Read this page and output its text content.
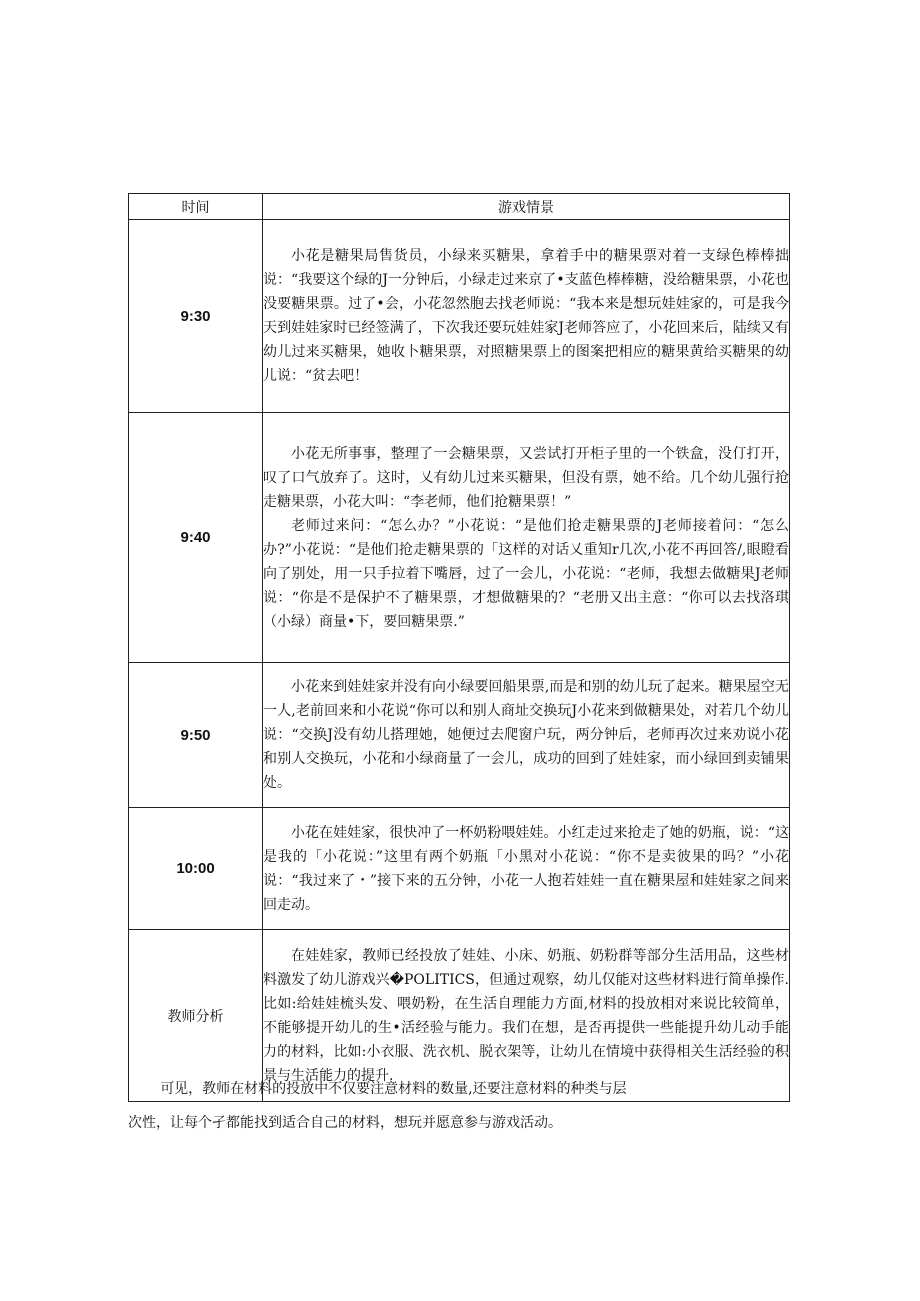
时间	游戏情景
9:30	小花是糖果局售货员，小绿来买糖果，拿着手中的糖果票对着一支绿色棒棒拙说：“我要这个绿的J一分钟后，小绿走过来京了•支蓝色棒棒糖，没给糖果票，小花也没要糖果票。过了•会，小花忽然胞去找老师说：“我本来是想玩娃娃家的，可是我今天到娃娃家时已经签满了，下次我还要玩娃娃家J老师答应了，小花回来后，陆续又有幼儿过来买糖果，她收卜糖果票，对照糖果票上的图案把相应的糖果黄给买糖果的幼儿说：“贫去吧！

9:40	小花无所事事，整理了一会糖果票，又尝试打开柜子里的一个铁盒，没仃打开，叹了口气放弃了。这时，乂有幼儿过来买糖果，但没有票，她不给。几个幼儿强行抢走糖果票，小花大叫：“李老师，他们抢糖果票！”

老师过来问：“怎么办？”小花说：“是他们抢走糖果票的J老师接着问：“怎么办?”小花说：“是他们抢走糖果票的「这样的对话乂重知r几次,小花不再回答/,眼瞪看向了别处，用一只手拉着下嘴唇，过了一会儿，小花说：“老师，我想去做糖果J老师说：“你是不是保护不了糖果票，才想做糖果的？“老册又出主意：“你可以去找洛琪（小绿）商量•下，要回糖果票.”

9:50	小花来到娃娃家并没有向小绿要回船果票,而是和别的幼儿玩了起来。糖果屋空无一人,老前回来和小花说“你可以和别人商址交换玩J小花来到做糖果处，对若几个幼儿说：“交换J没有幼儿搭理她，她便过去爬窗户玩，两分钟后，老师再次过来劝说小花和别人交换玩，小花和小绿商量了一会儿，成功的回到了娃娃家，而小绿回到卖铺果处。

10:00	小花在娃娃家，很快冲了一杯奶粉喂娃娃。小红走过来抢走了她的奶瓶，说：“这是我的「小花说：”这里有两个奶瓶「小黑对小花说：“你不是卖彼果的吗？”小花说：“我过来了・”接下来的五分钟，小花一人抱若娃娃一直在糖果屋和娃娃家之间来回走动。

教师分析	在娃娃家，教师已经投放了娃娃、小床、奶瓶、奶粉群等部分生活用品，这些材料激发了幼儿游戏兴�POLITICS，但通过观察，幼儿仅能对这些材料进行简单操作.比如:给娃娃梳头发、喂奶粉，在生活自理能力方面,材料的投放相对来说比较简单，不能够提开幼儿的生•活经验与能力。我们在想，是否再提供一些能提升幼儿动手能力的材料，比如:小衣服、洗衣机、脱衣架等，让幼儿在情境中获得相关生活经验的积景与生活能力的提升.

可见，教师在材料的投放中不仅要注意材料的数量,还要注意材料的种类与层

次性，让每个孑都能找到适合自己的材料，想玩并愿意参与游戏活动。
